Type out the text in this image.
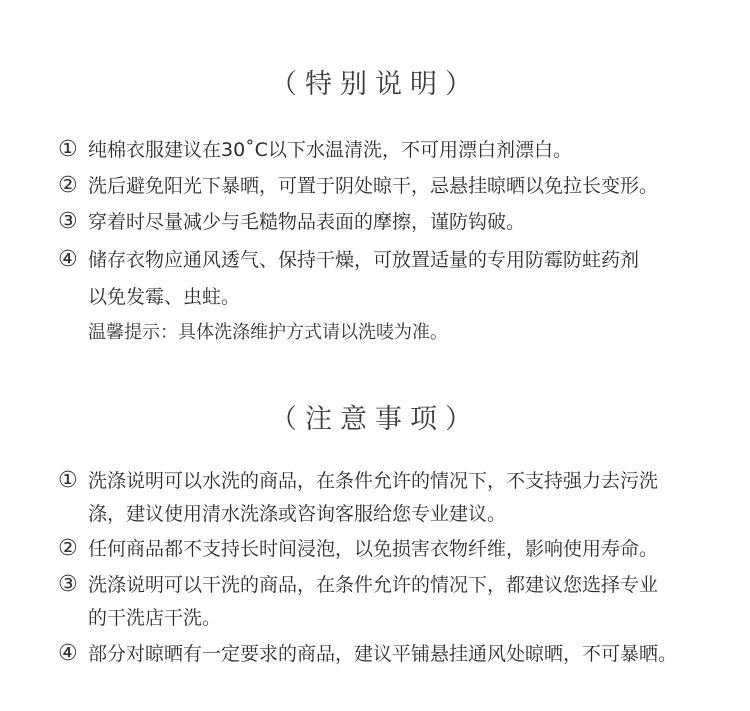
（特别说明）
① 纯棉衣服建议在30˚C以下水温清洗，不可用漂白剂漂白。
② 洗后避免阳光下暴晒，可置于阴处晾干，忌悬挂晾晒以免拉长变形。
③ 穿着时尽量减少与毛糙物品表面的摩擦，谨防钩破。
④ 储存衣物应通风透气、保持干燥，可放置适量的专用防霉防蛀药剂
以免发霉、虫蛀。
温馨提示：具体洗涤维护方式请以洗唛为准。
（注意事项）
① 洗涤说明可以水洗的商品，在条件允许的情况下，不支持强力去污洗
涤，建议使用清水洗涤或咨询客服给您专业建议。
② 任何商品都不支持长时间浸泡，以免损害衣物纤维，影响使用寿命。
③ 洗涤说明可以干洗的商品，在条件允许的情况下，都建议您选择专业
的干洗店干洗。
④ 部分对晾晒有一定要求的商品，建议平铺悬挂通风处晾晒，不可暴晒。
